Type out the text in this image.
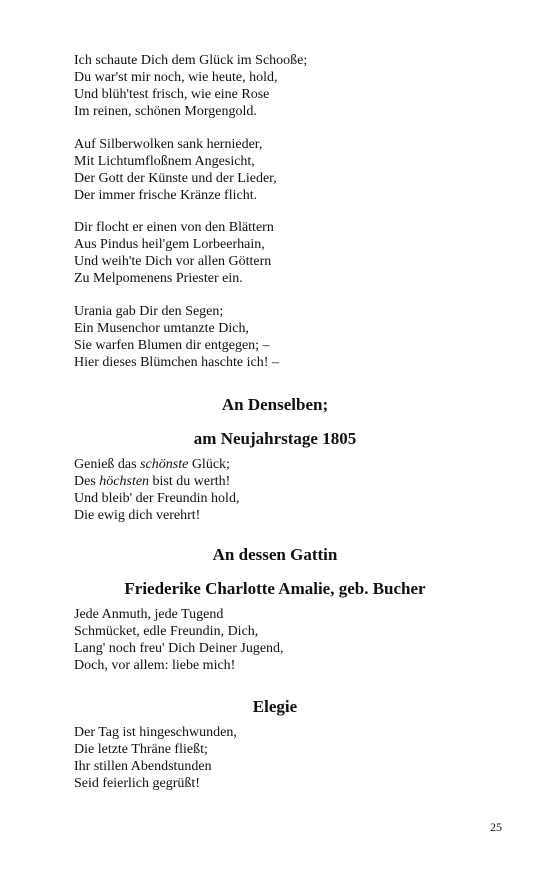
Ich schaute Dich dem Glück im Schooße;
Du war'st mir noch, wie heute, hold,
Und blüh'test frisch, wie eine Rose
Im reinen, schönen Morgengold.
Auf Silberwolken sank hernieder,
Mit Lichtumfloßnem Angesicht,
Der Gott der Künste und der Lieder,
Der immer frische Kränze flicht.
Dir flocht er einen von den Blättern
Aus Pindus heil'gem Lorbeerhain,
Und weih'te Dich vor allen Göttern
Zu Melpomenens Priester ein.
Urania gab Dir den Segen;
Ein Musenchor umtanzte Dich,
Sie warfen Blumen dir entgegen; –
Hier dieses Blümchen haschte ich! –
An Denselben;
am Neujahrstage 1805
Genieß das schönste Glück;
Des höchsten bist du werth!
Und bleib' der Freundin hold,
Die ewig dich verehrt!
An dessen Gattin
Friederike Charlotte Amalie, geb. Bucher
Jede Anmuth, jede Tugend
Schmücket, edle Freundin, Dich,
Lang' noch freu' Dich Deiner Jugend,
Doch, vor allem: liebe mich!
Elegie
Der Tag ist hingeschwunden,
Die letzte Thräne fließt;
Ihr stillen Abendstunden
Seid feierlich gegrüßt!
25
